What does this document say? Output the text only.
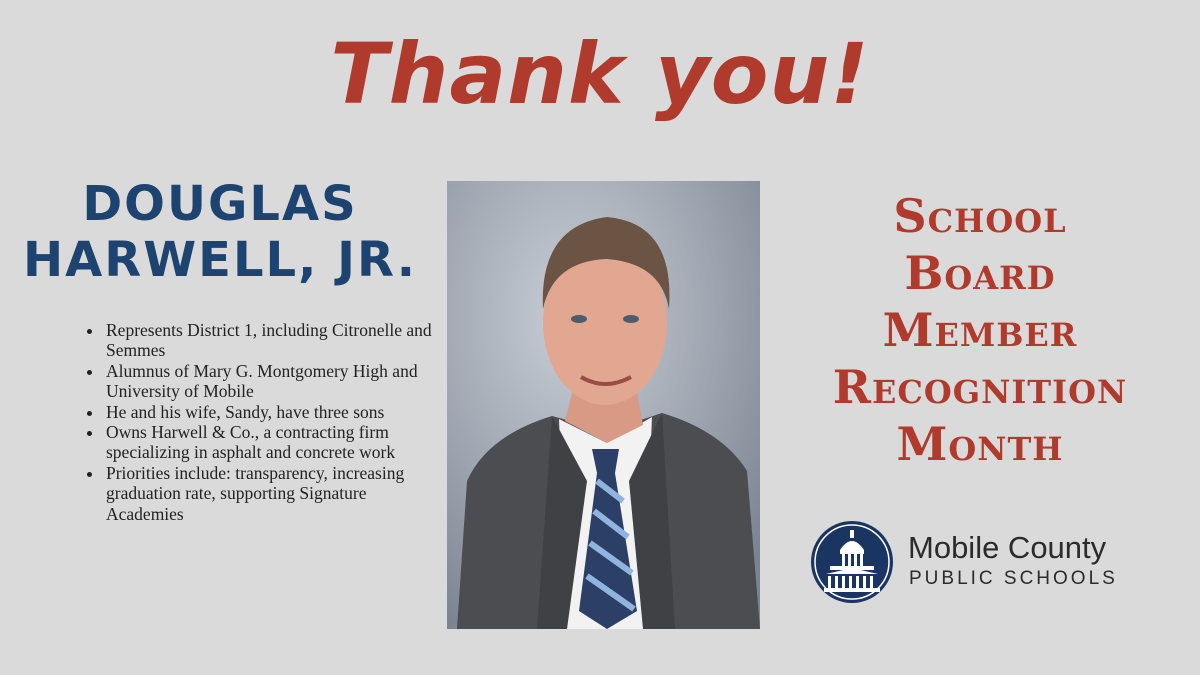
Thank you!
DOUGLAS
HARWELL, JR.
• Represents District 1, including Citronelle and Semmes
• Alumnus of Mary G. Montgomery High and University of Mobile
• He and his wife, Sandy, have three sons
• Owns Harwell & Co., a contracting firm specializing in asphalt and concrete work
• Priorities include: transparency, increasing graduation rate, supporting Signature Academies
School
Board
Member
Recognition
Month
Mobile County
PUBLIC SCHOOLS
